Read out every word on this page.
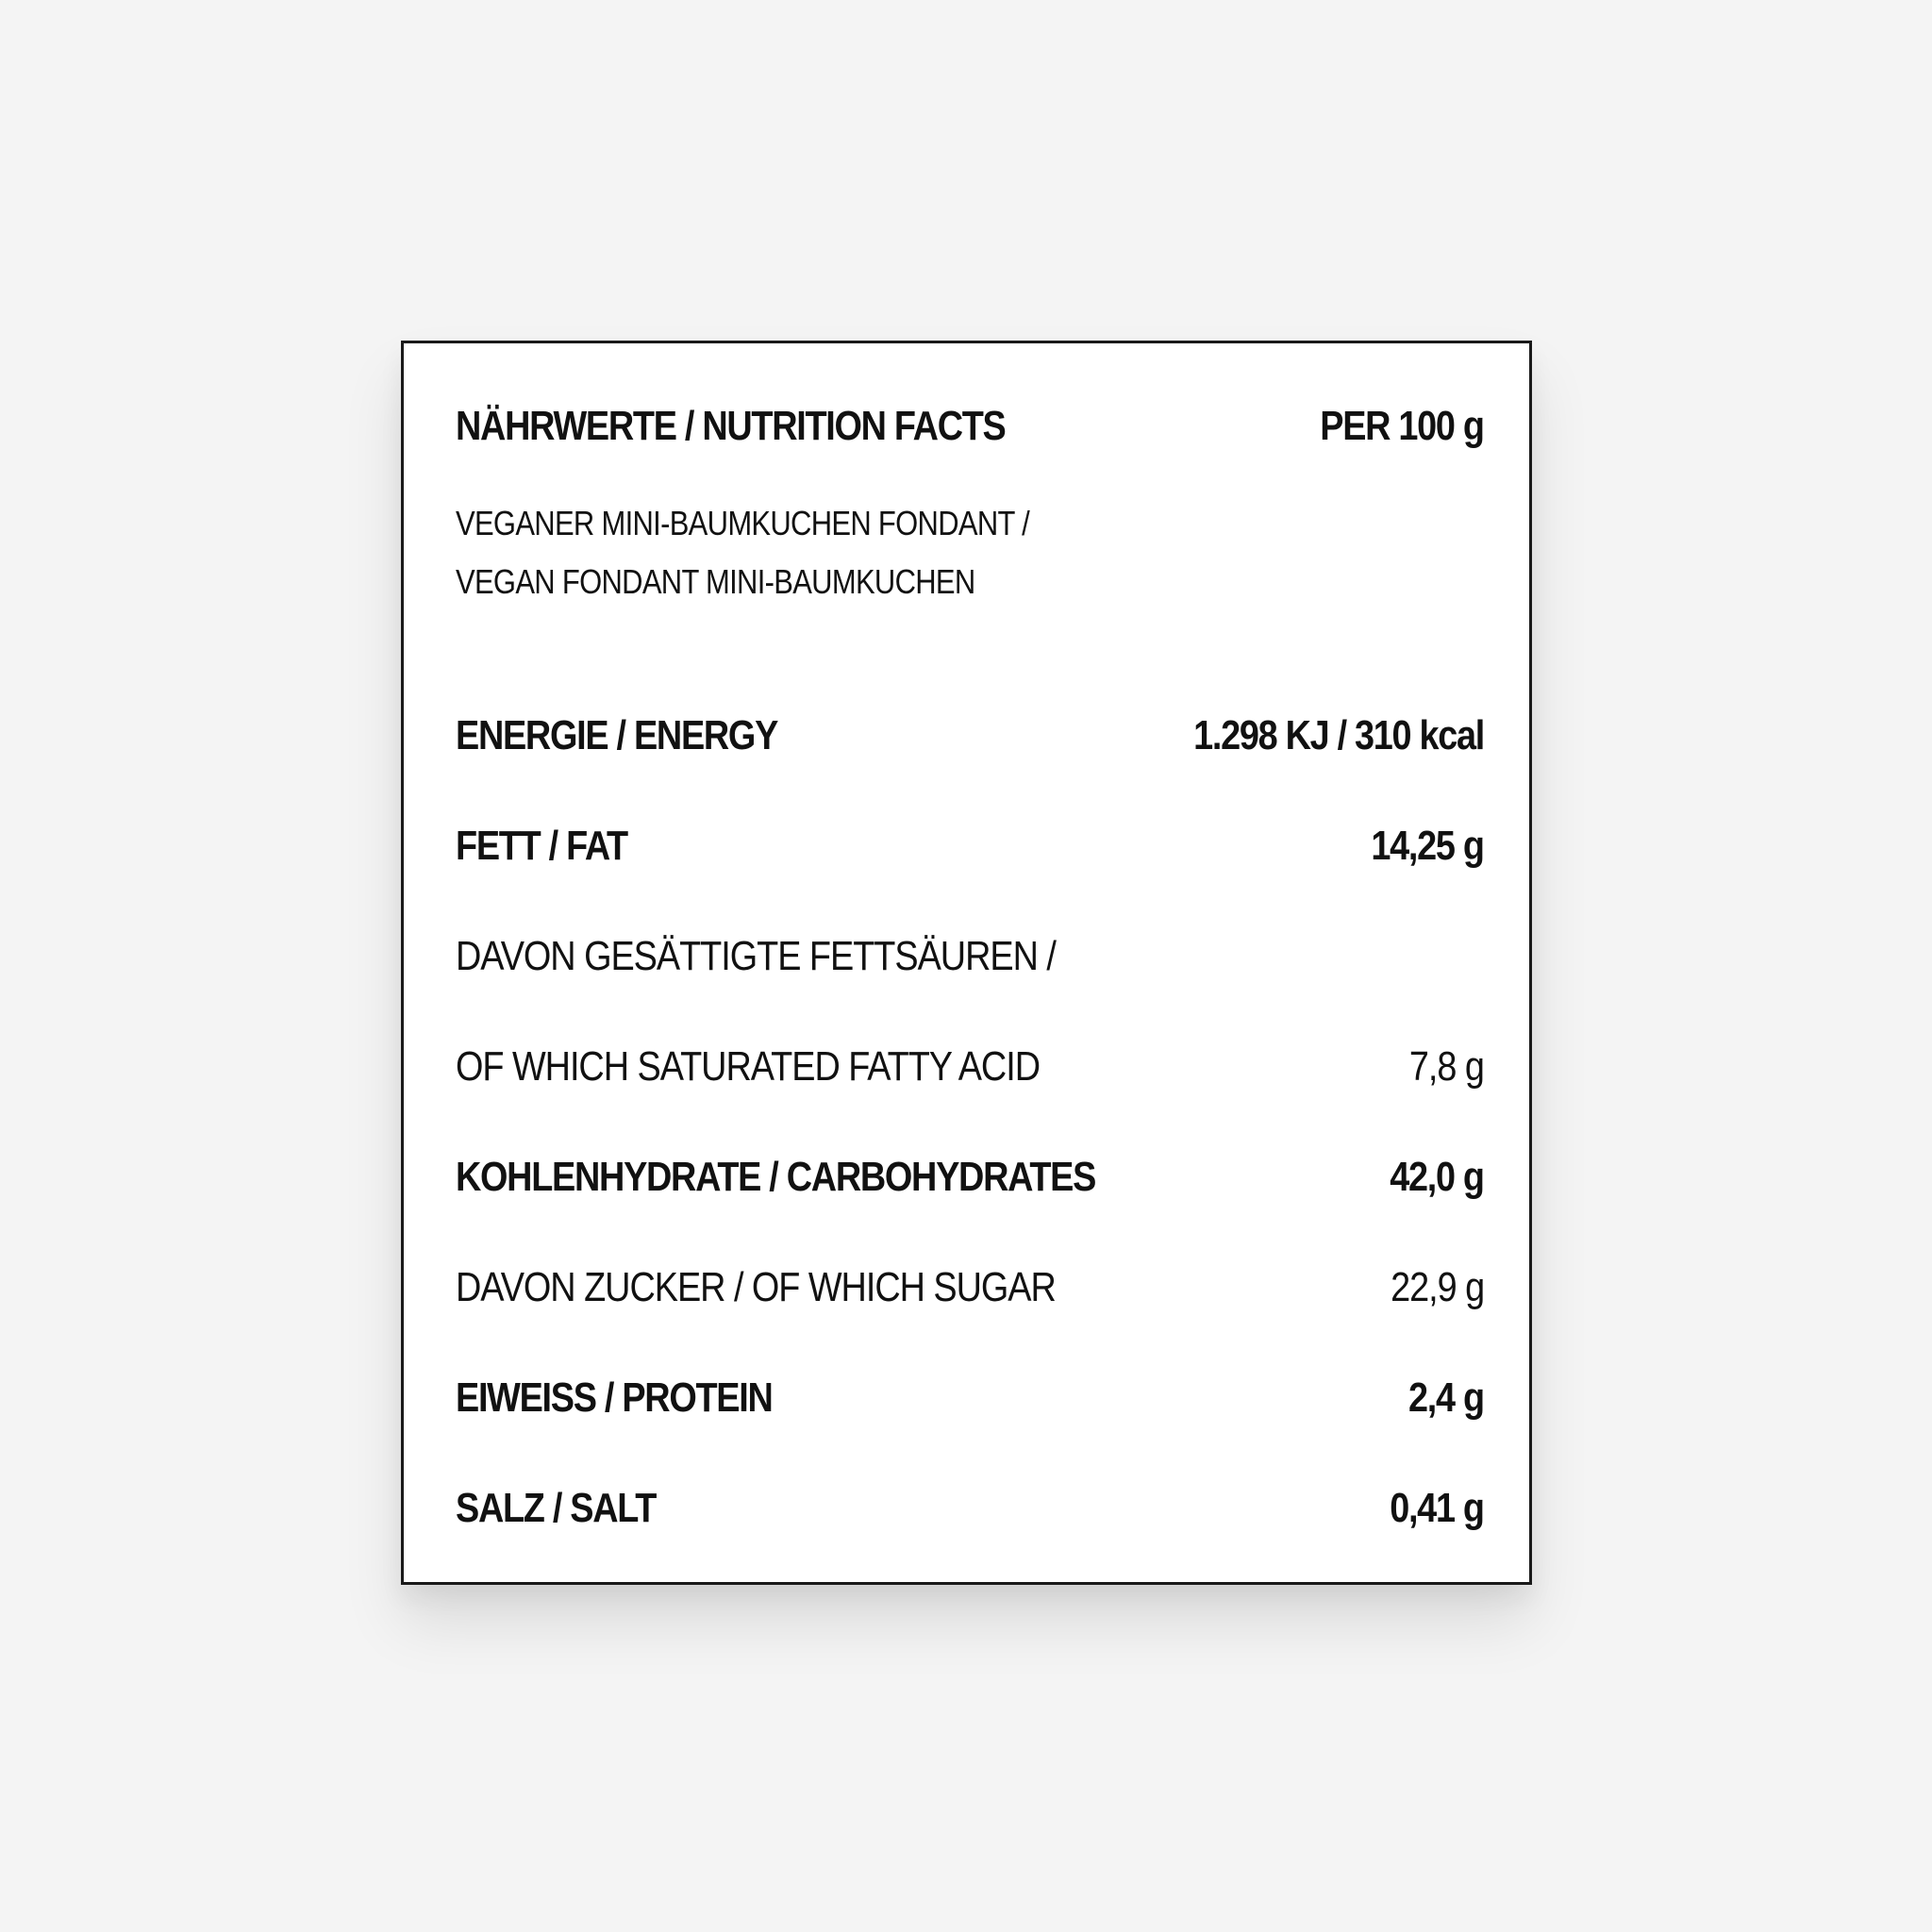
NÄHRWERTE / NUTRITION FACTS	PER 100 g
VEGANER MINI-BAUMKUCHEN FONDANT /
VEGAN FONDANT MINI-BAUMKUCHEN
ENERGIE / ENERGY	1.298 KJ / 310 kcal
FETT / FAT	14,25 g
DAVON GESÄTTIGTE FETTSÄUREN /
OF WHICH SATURATED FATTY ACID	7,8 g
KOHLENHYDRATE / CARBOHYDRATES	42,0 g
DAVON ZUCKER / OF WHICH SUGAR	22,9 g
EIWEISS / PROTEIN	2,4 g
SALZ / SALT	0,41 g
